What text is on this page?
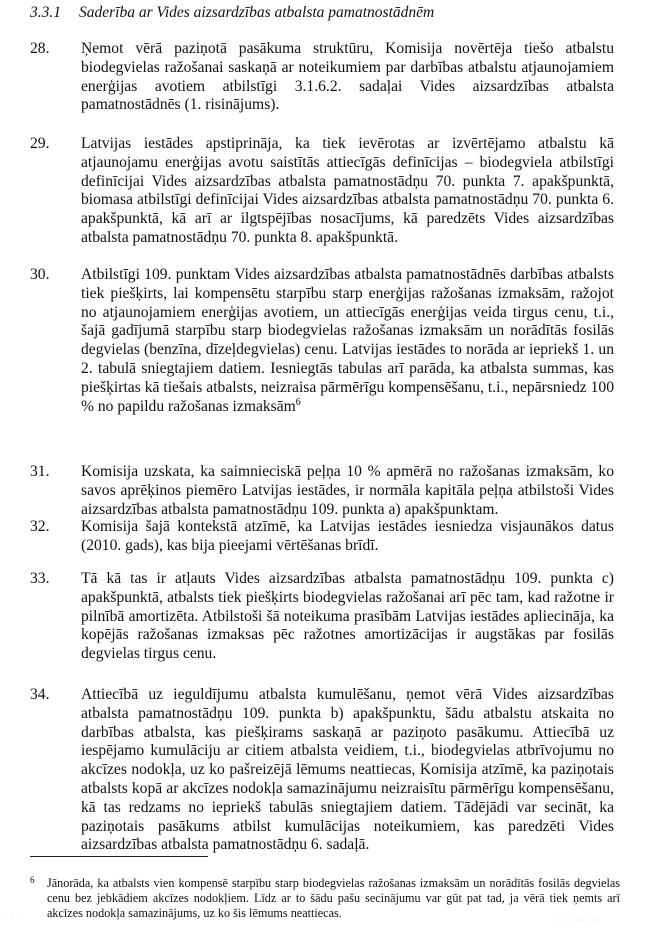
3.3.1 Saderība ar Vides aizsardzības atbalsta pamatnostādnēm
28.	Ņemot vērā paziņotā pasākuma struktūru, Komisija novērtēja tiešo atbalstu biodegvielas ražošanai saskaņā ar noteikumiem par darbības atbalstu atjaunojamiem enerģijas avotiem atbilstīgi 3.1.6.2. sadaļai Vides aizsardzības atbalsta pamatnostādnēs (1. risinājums).
29.	Latvijas iestādes apstiprināja, ka tiek ievērotas ar izvērtējamo atbalstu kā atjaunojamu enerģijas avotu saistītās attiecīgās definīcijas – biodegviela atbilstīgi definīcijai Vides aizsardzības atbalsta pamatnostādņu 70. punkta 7. apakšpunktā, biomasa atbilstīgi definīcijai Vides aizsardzības atbalsta pamatnostādņu 70. punkta 6. apakšpunktā, kā arī ar ilgtspējības nosacījums, kā paredzēts Vides aizsardzības atbalsta pamatnostādņu 70. punkta 8. apakšpunktā.
30.	Atbilstīgi 109. punktam Vides aizsardzības atbalsta pamatnostādnēs darbības atbalsts tiek piešķirts, lai kompensētu starpību starp enerģijas ražošanas izmaksām, ražojot no atjaunojamiem enerģijas avotiem, un attiecīgās enerģijas veida tirgus cenu, t.i., šajā gadījumā starpību starp biodegvielas ražošanas izmaksām un norādītās fosilās degvielas (benzīna, dīzeļdegvielas) cenu. Latvijas iestādes to norāda ar iepriekš 1. un 2. tabulā sniegtajiem datiem. Iesniegtās tabulas arī parāda, ka atbalsta summas, kas piešķirtas kā tiešais atbalsts, neizraisa pārmērīgu kompensēšanu, t.i., nepārsniedz 100 % no papildu ražošanas izmaksām$^6$
31.	Komisija uzskata, ka saimnieciskā peļņa 10 % apmērā no ražošanas izmaksām, ko savos aprēķinos piemēro Latvijas iestādes, ir normāla kapitāla peļņa atbilstoši Vides aizsardzības atbalsta pamatnostādņu 109. punkta a) apakšpunktam.
32.	Komisija šajā kontekstā atzīmē, ka Latvijas iestādes iesniedza visjaunākos datus (2010. gads), kas bija pieejami vērtēšanas brīdī.
33.	Tā kā tas ir atļauts Vides aizsardzības atbalsta pamatnostādņu 109. punkta c) apakšpunktā, atbalsts tiek piešķirts biodegvielas ražošanai arī pēc tam, kad ražotne ir pilnībā amortizēta. Atbilstoši šā noteikuma prasībām Latvijas iestādes apliecināja, ka kopējās ražošanas izmaksas pēc ražotnes amortizācijas ir augstākas par fosilās degvielas tirgus cenu.
34.	Attiecībā uz ieguldījumu atbalsta kumulēšanu, ņemot vērā Vides aizsardzības atbalsta pamatnostādņu 109. punkta b) apakšpunktu, šādu atbalstu atskaita no darbības atbalsta, kas piešķirams saskaņā ar paziņoto pasākumu. Attiecībā uz iespējamo kumulāciju ar citiem atbalsta veidiem, t.i., biodegvielas atbrīvojumu no akcīzes nodokļa, uz ko pašreizējā lēmums neattiecas, Komisija atzīmē, ka paziņotais atbalsts kopā ar akcīzes nodokļa samazinājumu neizraisītu pārmērīgu kompensēšanu, kā tas redzams no iepriekš tabulās sniegtajiem datiem. Tādējādi var secināt, ka paziņotais pasākums atbilst kumulācijas noteikumiem, kas paredzēti Vides aizsardzības atbalsta pamatnostādņu 6. sadaļā.
6 Jānorāda, ka atbalsts vien kompensē starpību starp biodegvielas ražošanas izmaksām un norādītās fosilās degvielas cenu bez jebkādiem akcīzes nodokļiem. Līdz ar to šādu pašu secinājumu var gūt pat tad, ja vērā tiek ņemts arī akcīzes nodokļa samazinājums, uz ko šis lēmums neattiecas.
· · ·	· · · ·· · ·
